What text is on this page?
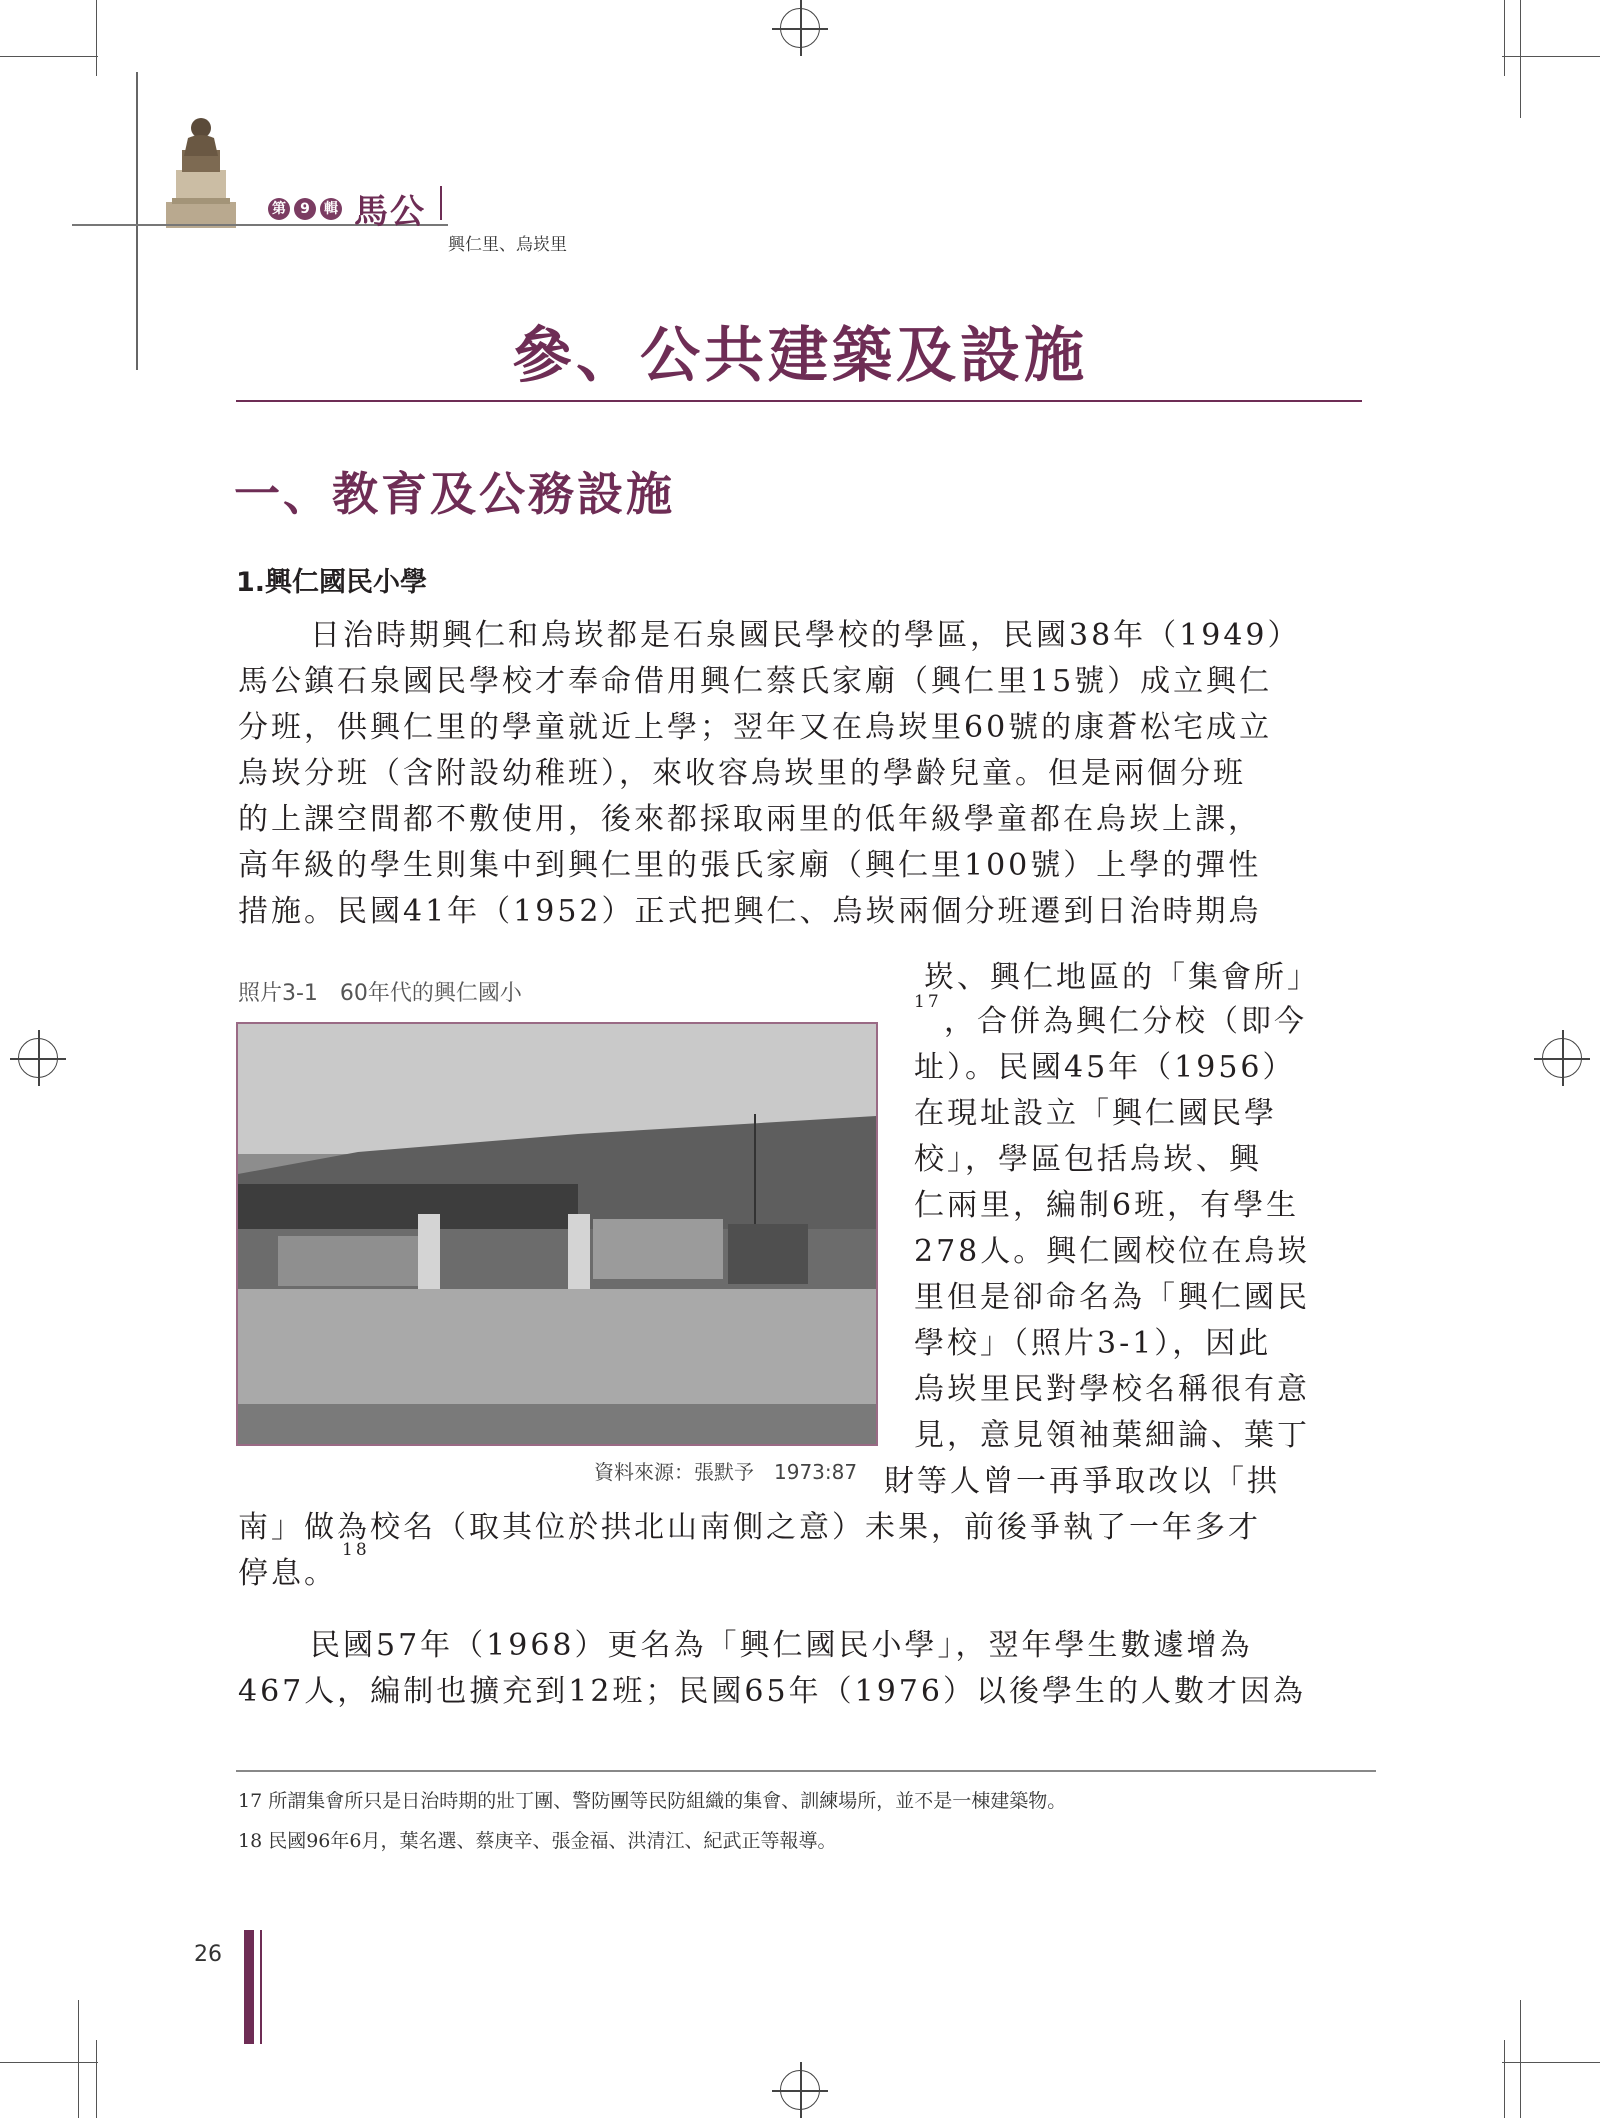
第	9	輯 馬公
興仁里、烏崁里
參、公共建築及設施
一、教育及公務設施
1.興仁國民小學
日治時期興仁和烏崁都是石泉國民學校的學區，民國38年（1949）
馬公鎮石泉國民學校才奉命借用興仁蔡氏家廟（興仁里15號）成立興仁
分班，供興仁里的學童就近上學；翌年又在烏崁里60號的康蒼松宅成立
烏崁分班（含附設幼稚班），來收容烏崁里的學齡兒童。但是兩個分班
的上課空間都不敷使用，後來都採取兩里的低年級學童都在烏崁上課，
高年級的學生則集中到興仁里的張氏家廟（興仁里100號）上學的彈性
措施。民國41年（1952）正式把興仁、烏崁兩個分班遷到日治時期烏
照片3-1　60年代的興仁國小
資料來源：張默予　1973:87
崁、興仁地區的「集會所」
17
，合併為興仁分校（即今
址）。民國45年（1956）
在現址設立「興仁國民學
校」，學區包括烏崁、興
仁兩里，編制6班，有學生
278人。興仁國校位在烏崁
里但是卻命名為「興仁國民
學校」（照片3-1），因此
烏崁里民對學校名稱很有意
見，意見領袖葉細論、葉丁
財等人曾一再爭取改以「拱
南」做為校名（取其位於拱北山南側之意）未果，前後爭執了一年多才
停息。
18
民國57年（1968）更名為「興仁國民小學」，翌年學生數遽增為
467人，編制也擴充到12班；民國65年（1976）以後學生的人數才因為
17 所謂集會所只是日治時期的壯丁團、警防團等民防組織的集會、訓練場所，並不是一棟建築物。
18 民國96年6月，葉名選、蔡庚辛、張金福、洪清江、紀武正等報導。
26
